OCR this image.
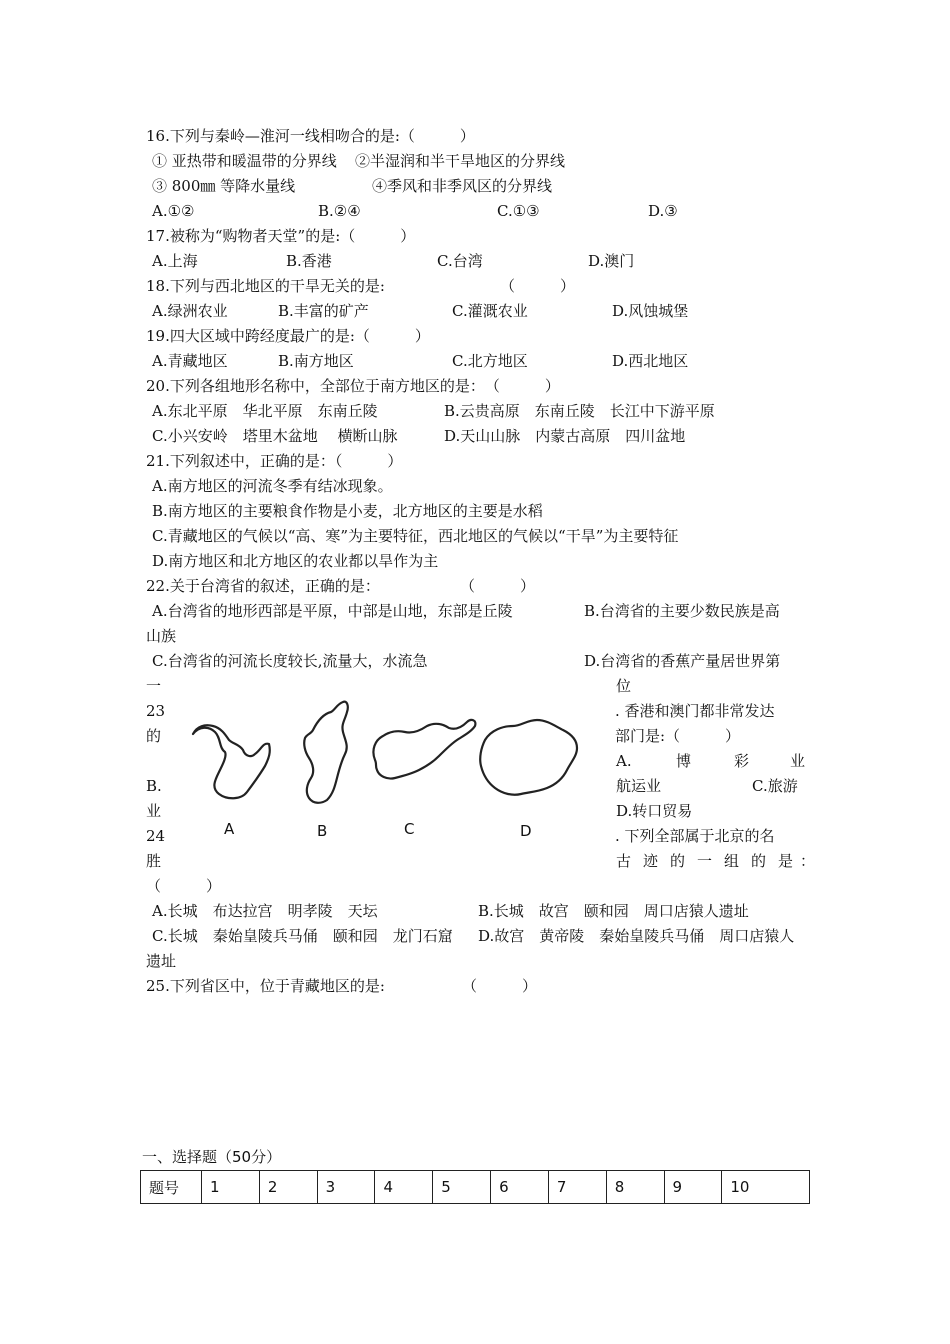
16.下列与秦岭—淮河一线相吻合的是:（　　　）
① 亚热带和暖温带的分界线 ②半湿润和半干旱地区的分界线
③ 800㎜ 等降水量线	④季风和非季风区的分界线
A.①②	B.②④	C.①③	D.③
17.被称为“购物者天堂”的是:（　　　）
A.上海	B.香港	C.台湾	D.澳门
18.下列与西北地区的干旱无关的是:	（　　　）
A.绿洲农业	B.丰富的矿产	C.灌溉农业	D.风蚀城堡
19.四大区域中跨经度最广的是:（　　　）
A.青藏地区	B.南方地区	C.北方地区	D.西北地区
20.下列各组地形名称中，全部位于南方地区的是：　（　　　）
A.东北平原　华北平原　东南丘陵	B.云贵高原　东南丘陵　长江中下游平原
C.小兴安岭　塔里木盆地　 横断山脉	D.天山山脉　内蒙古高原　四川盆地
21.下列叙述中，正确的是：（　　　）
A.南方地区的河流冬季有结冰现象。
B.南方地区的主要粮食作物是小麦，北方地区的主要是水稻
C.青藏地区的气候以“高、寒”为主要特征，西北地区的气候以“干旱”为主要特征
D.南方地区和北方地区的农业都以旱作为主
22.关于台湾省的叙述，正确的是：	（　　　）
A.台湾省的地形西部是平原，中部是山地，东部是丘陵	B.台湾省的主要少数民族是高
山族
C.台湾省的河流长度较长,流量大，水流急	D.台湾省的香蕉产量居世界第
一	位
23	. 香港和澳门都非常发达
的	部门是:（　　　）
A.	博	彩	业
B.	航运业	C.旅游
业	D.转口贸易
A	B	C	D
24	. 下列全部属于北京的名
胜	古 迹 的 一 组 的 是 ：
（　　　）
A.长城　布达拉宫　明孝陵　天坛	B.长城　故宫　颐和园　周口店猿人遗址
C.长城　秦始皇陵兵马俑　颐和园　龙门石窟 D.故宫　黄帝陵　秦始皇陵兵马俑　周口店猿人
遗址
25.下列省区中，位于青藏地区的是:	（　　　）
一、选择题（50分）
题号	1	2	3	4	5	6	7	8	9	10
